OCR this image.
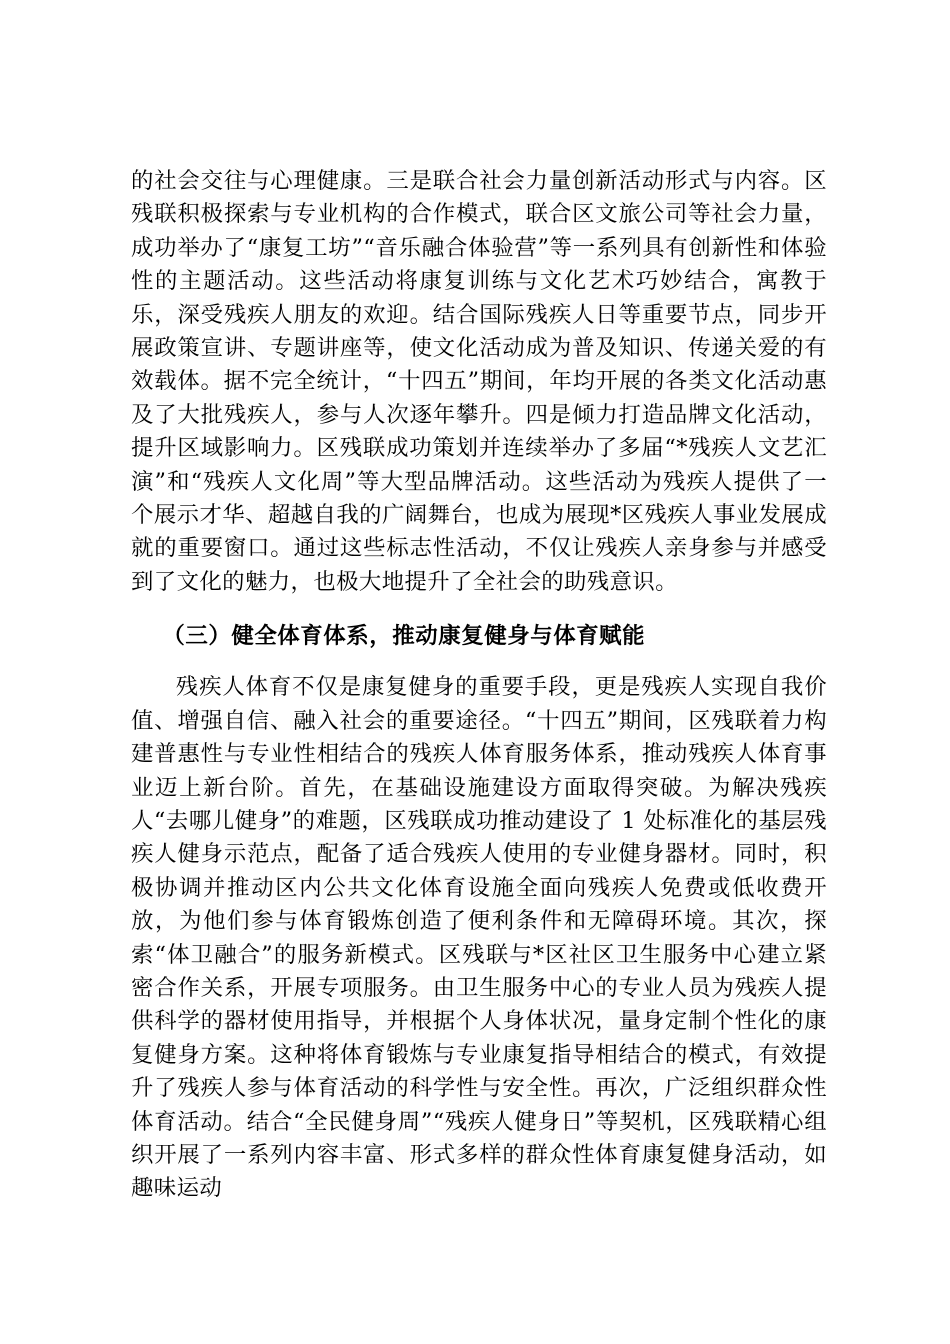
的社会交往与心理健康。三是联合社会力量创新活动形式与内容。区残联积极探索与专业机构的合作模式，联合区文旅公司等社会力量，成功举办了“康复工坊”“音乐融合体验营”等一系列具有创新性和体验性的主题活动。这些活动将康复训练与文化艺术巧妙结合，寓教于乐，深受残疾人朋友的欢迎。结合国际残疾人日等重要节点，同步开展政策宣讲、专题讲座等，使文化活动成为普及知识、传递关爱的有效载体。据不完全统计，“十四五”期间，年均开展的各类文化活动惠及了大批残疾人，参与人次逐年攀升。四是倾力打造品牌文化活动，提升区域影响力。区残联成功策划并连续举办了多届“*残疾人文艺汇演”和“残疾人文化周”等大型品牌活动。这些活动为残疾人提供了一个展示才华、超越自我的广阔舞台，也成为展现*区残疾人事业发展成就的重要窗口。通过这些标志性活动，不仅让残疾人亲身参与并感受到了文化的魅力，也极大地提升了全社会的助残意识。

（三）健全体育体系，推动康复健身与体育赋能

残疾人体育不仅是康复健身的重要手段，更是残疾人实现自我价值、增强自信、融入社会的重要途径。“十四五”期间，区残联着力构建普惠性与专业性相结合的残疾人体育服务体系，推动残疾人体育事业迈上新台阶。首先，在基础设施建设方面取得突破。为解决残疾人“去哪儿健身”的难题，区残联成功推动建设了 1 处标准化的基层残疾人健身示范点，配备了适合残疾人使用的专业健身器材。同时，积极协调并推动区内公共文化体育设施全面向残疾人免费或低收费开放，为他们参与体育锻炼创造了便利条件和无障碍环境。其次，探索“体卫融合”的服务新模式。区残联与*区社区卫生服务中心建立紧密合作关系，开展专项服务。由卫生服务中心的专业人员为残疾人提供科学的器材使用指导，并根据个人身体状况，量身定制个性化的康复健身方案。这种将体育锻炼与专业康复指导相结合的模式，有效提升了残疾人参与体育活动的科学性与安全性。再次，广泛组织群众性体育活动。结合“全民健身周”“残疾人健身日”等契机，区残联精心组织开展了一系列内容丰富、形式多样的群众性体育康复健身活动，如趣味运动
